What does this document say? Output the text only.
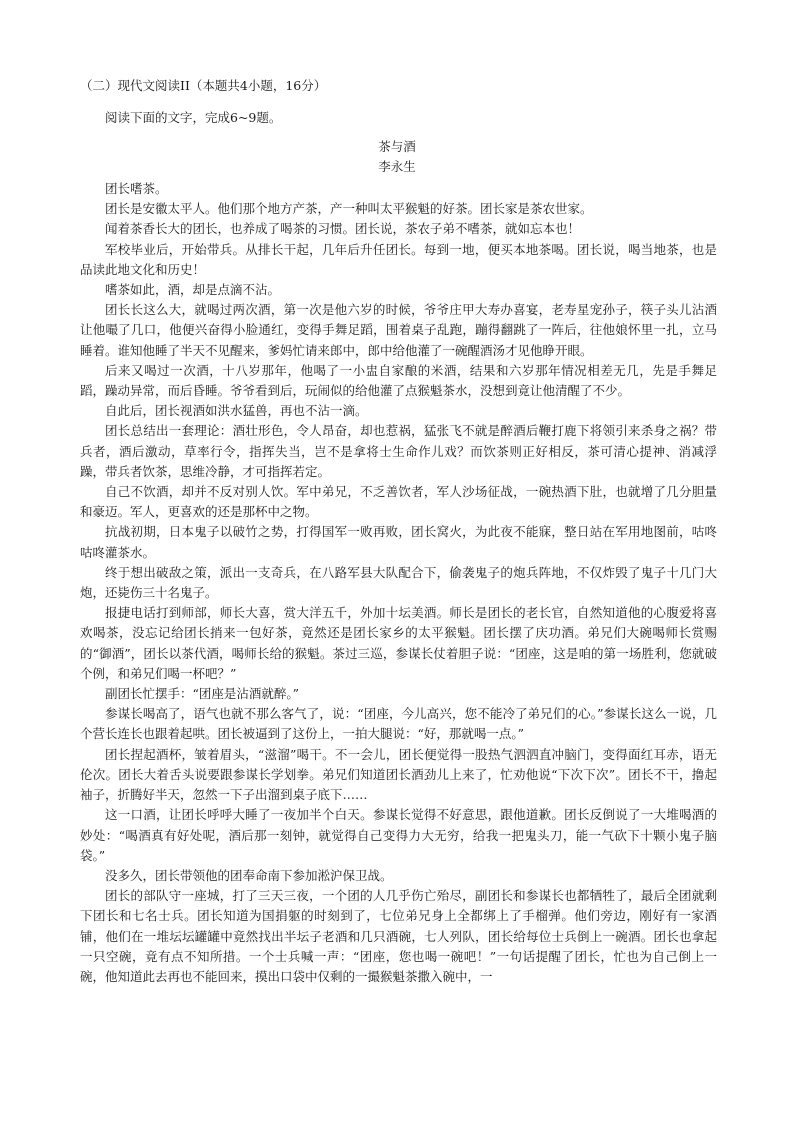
（二）现代文阅读II（本题共4小题，16分）
阅读下面的文字，完成6~9题。
茶与酒
李永生

团长嗜茶。

团长是安徽太平人。他们那个地方产茶，产一种叫太平猴魁的好茶。团长家是茶农世家。

闻着茶香长大的团长，也养成了喝茶的习惯。团长说，茶农子弟不嗜茶，就如忘本也！

军校毕业后，开始带兵。从排长干起，几年后升任团长。每到一地，便买本地茶喝。团长说，喝当地茶，也是品读此地文化和历史！

嗜茶如此，酒，却是点滴不沾。

团长长这么大，就喝过两次酒，第一次是他六岁的时候，爷爷庄甲大寿办喜宴，老寿星宠孙子，筷子头儿沾酒让他嘬了几口，他便兴奋得小脸通红，变得手舞足蹈，围着桌子乱跑，蹦得翻跳了一阵后，往他娘怀里一扎，立马睡着。谁知他睡了半天不见醒来，爹妈忙请来郎中，郎中给他灌了一碗醒酒汤才见他睁开眼。

后来又喝过一次酒，十八岁那年，他喝了一小盅自家酿的米酒，结果和六岁那年情况相差无几，先是手舞足蹈，躁动异常，而后昏睡。爷爷看到后，玩闹似的给他灌了点猴魁茶水，没想到竟让他清醒了不少。

自此后，团长视酒如洪水猛兽，再也不沾一滴。

团长总结出一套理论：酒壮形色，令人昂奋，却也惹祸，猛张飞不就是醉酒后鞭打鹿下将领引来杀身之祸？带兵者，酒后激动，草率行令，指挥失当，岂不是拿将士生命作儿戏？而饮茶则正好相反，茶可清心提神、消减浮躁，带兵者饮茶，思维冷静，才可指挥若定。

自己不饮酒，却并不反对别人饮。军中弟兄，不乏善饮者，军人沙场征战，一碗热酒下肚，也就增了几分胆量和豪迈。军人，更喜欢的还是那杯中之物。

抗战初期，日本鬼子以破竹之势，打得国军一败再败，团长窝火，为此夜不能寐，整日站在军用地图前，咕咚咕咚灌茶水。

终于想出破敌之策，派出一支奇兵，在八路军县大队配合下，偷袭鬼子的炮兵阵地，不仅炸毁了鬼子十几门大炮，还毙伤三十名鬼子。

报捷电话打到师部，师长大喜，赏大洋五千，外加十坛美酒。师长是团长的老长官，自然知道他的心腹爱将喜欢喝茶，没忘记给团长捎来一包好茶，竟然还是团长家乡的太平猴魁。团长摆了庆功酒。弟兄们大碗喝师长赏赐的“御酒”，团长以茶代酒，喝师长给的猴魁。茶过三巡，参谋长仗着胆子说：“团座，这是咱的第一场胜利，您就破个例，和弟兄们喝一杯吧？”

副团长忙摆手：“团座是沾酒就醉。”

参谋长喝高了，语气也就不那么客气了，说：“团座，今儿高兴，您不能冷了弟兄们的心。”参谋长这么一说，几个营长连长也跟着起哄。团长被逼到了这份上，一拍大腿说：“好，那就喝一点。”

团长捏起酒杯，皱着眉头，“滋溜”喝干。不一会儿，团长便觉得一股热气泗泗直冲脑门，变得面红耳赤，语无伦次。团长大着舌头说要跟参谋长学划拳。弟兄们知道团长酒劲儿上来了，忙劝他说“下次下次”。团长不干，撸起袖子，折腾好半天，忽然一下子出溜到桌子底下……

这一口酒，让团长呼呼大睡了一夜加半个白天。参谋长觉得不好意思，跟他道歉。团长反倒说了一大堆喝酒的妙处：“喝酒真有好处呢，酒后那一刻钟，就觉得自己变得力大无穷，给我一把鬼头刀，能一气砍下十颗小鬼子脑袋。”

没多久，团长带领他的团奉命南下参加淞沪保卫战。

团长的部队守一座城，打了三天三夜，一个团的人几乎伤亡殆尽，副团长和参谋长也都牺牲了，最后全团就剩下团长和七名士兵。团长知道为国捐躯的时刻到了，七位弟兄身上全都绑上了手榴弹。他们旁边，刚好有一家酒铺，他们在一堆坛坛罐罐中竟然找出半坛子老酒和几只酒碗，七人列队，团长给每位士兵倒上一碗酒。团长也拿起一只空碗，竟有点不知所措。一个士兵喊一声：“团座，您也喝一碗吧！”一句话提醒了团长，忙也为自己倒上一碗，他知道此去再也不能回来，摸出口袋中仅剩的一撮猴魁茶撒入碗中，一
